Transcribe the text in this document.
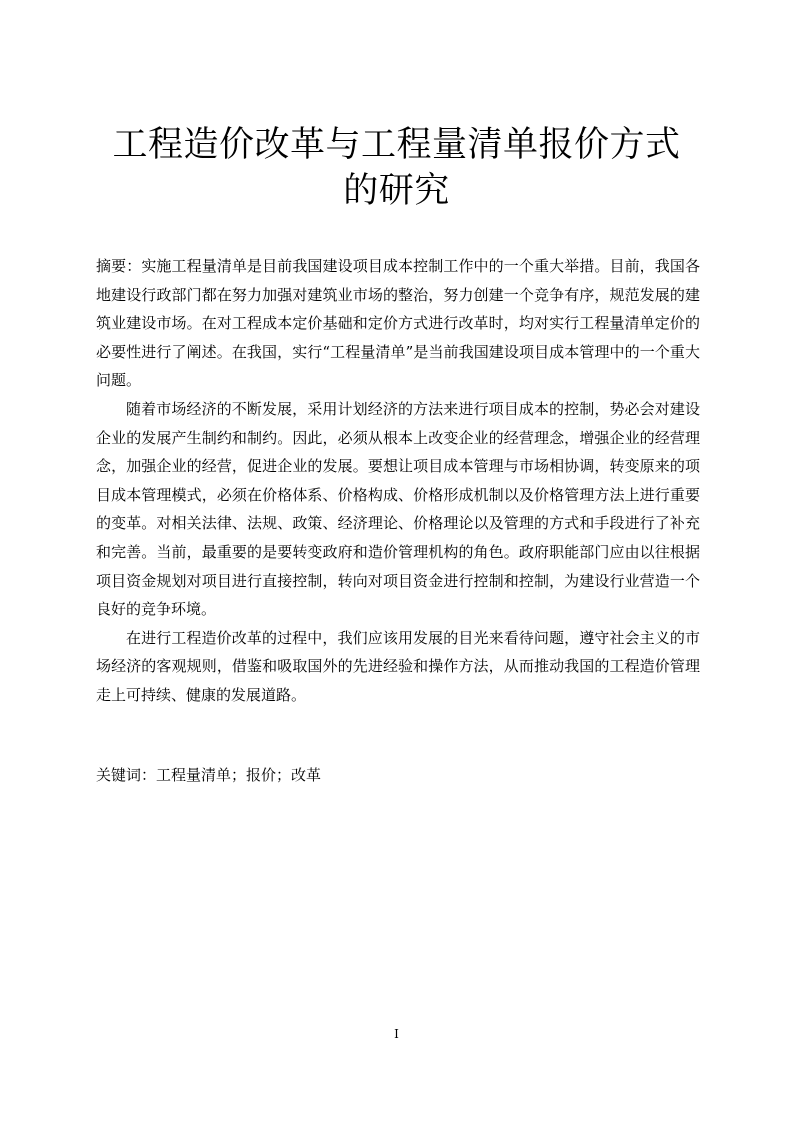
工程造价改革与工程量清单报价方式的研究

摘要：实施工程量清单是目前我国建设项目成本控制工作中的一个重大举措。目前，我国各地建设行政部门都在努力加强对建筑业市场的整治，努力创建一个竞争有序，规范发展的建筑业建设市场。在对工程成本定价基础和定价方式进行改革时，均对实行工程量清单定价的必要性进行了阐述。在我国，实行“工程量清单”是当前我国建设项目成本管理中的一个重大问题。

随着市场经济的不断发展，采用计划经济的方法来进行项目成本的控制，势必会对建设企业的发展产生制约和制约。因此，必须从根本上改变企业的经营理念，增强企业的经营理念，加强企业的经营，促进企业的发展。要想让项目成本管理与市场相协调，转变原来的项目成本管理模式，必须在价格体系、价格构成、价格形成机制以及价格管理方法上进行重要的变革。对相关法律、法规、政策、经济理论、价格理论以及管理的方式和手段进行了补充和完善。当前，最重要的是要转变政府和造价管理机构的角色。政府职能部门应由以往根据项目资金规划对项目进行直接控制，转向对项目资金进行控制和控制，为建设行业营造一个良好的竞争环境。

在进行工程造价改革的过程中，我们应该用发展的目光来看待问题，遵守社会主义的市场经济的客观规则，借鉴和吸取国外的先进经验和操作方法，从而推动我国的工程造价管理走上可持续、健康的发展道路。

关键词：工程量清单；报价；改革
I
